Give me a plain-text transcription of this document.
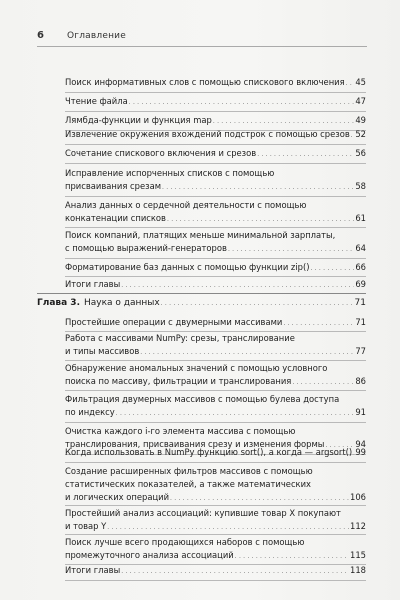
6	Оглавление
Поиск информативных слов с помощью спискового включения . . . 45
Чтение файла . . .	47
Лямбда-функции и функция map . . .	49
Извлечение окружения вхождений подстрок с помощью срезов . . . 52
Сочетание спискового включения и срезов . . .	56
Исправление испорченных списков с помощью
присваивания срезам . . .	58
Анализ данных о сердечной деятельности с помощью
конкатенации списков . . .	61
Поиск компаний, платящих меньше минимальной зарплаты,
с помощью выражений-генераторов . . .	64
Форматирование баз данных с помощью функции zip() . . .	66
Итоги главы . . .	69
Глава 3. Наука о данных . . .	71
Простейшие операции с двумерными массивами . . .	71
Работа с массивами NumPy: срезы, транслирование
и типы массивов . . .	77
Обнаружение аномальных значений с помощью условного
поиска по массиву, фильтрации и транслирования . . .	86
Фильтрация двумерных массивов с помощью булева доступа
по индексу . . .	91
Очистка каждого i-го элемента массива с помощью
транслирования, присваивания срезу и изменения формы . . .	94
Когда использовать в NumPy функцию sort(), а когда — argsort() . . . 99
Создание расширенных фильтров массивов с помощью
статистических показателей, а также математических
и логических операций . . .	106
Простейший анализ ассоциаций: купившие товар X покупают
и товар Y . . .	112
Поиск лучше всего продающихся наборов с помощью
промежуточного анализа ассоциаций . . .	115
Итоги главы . . .	118
